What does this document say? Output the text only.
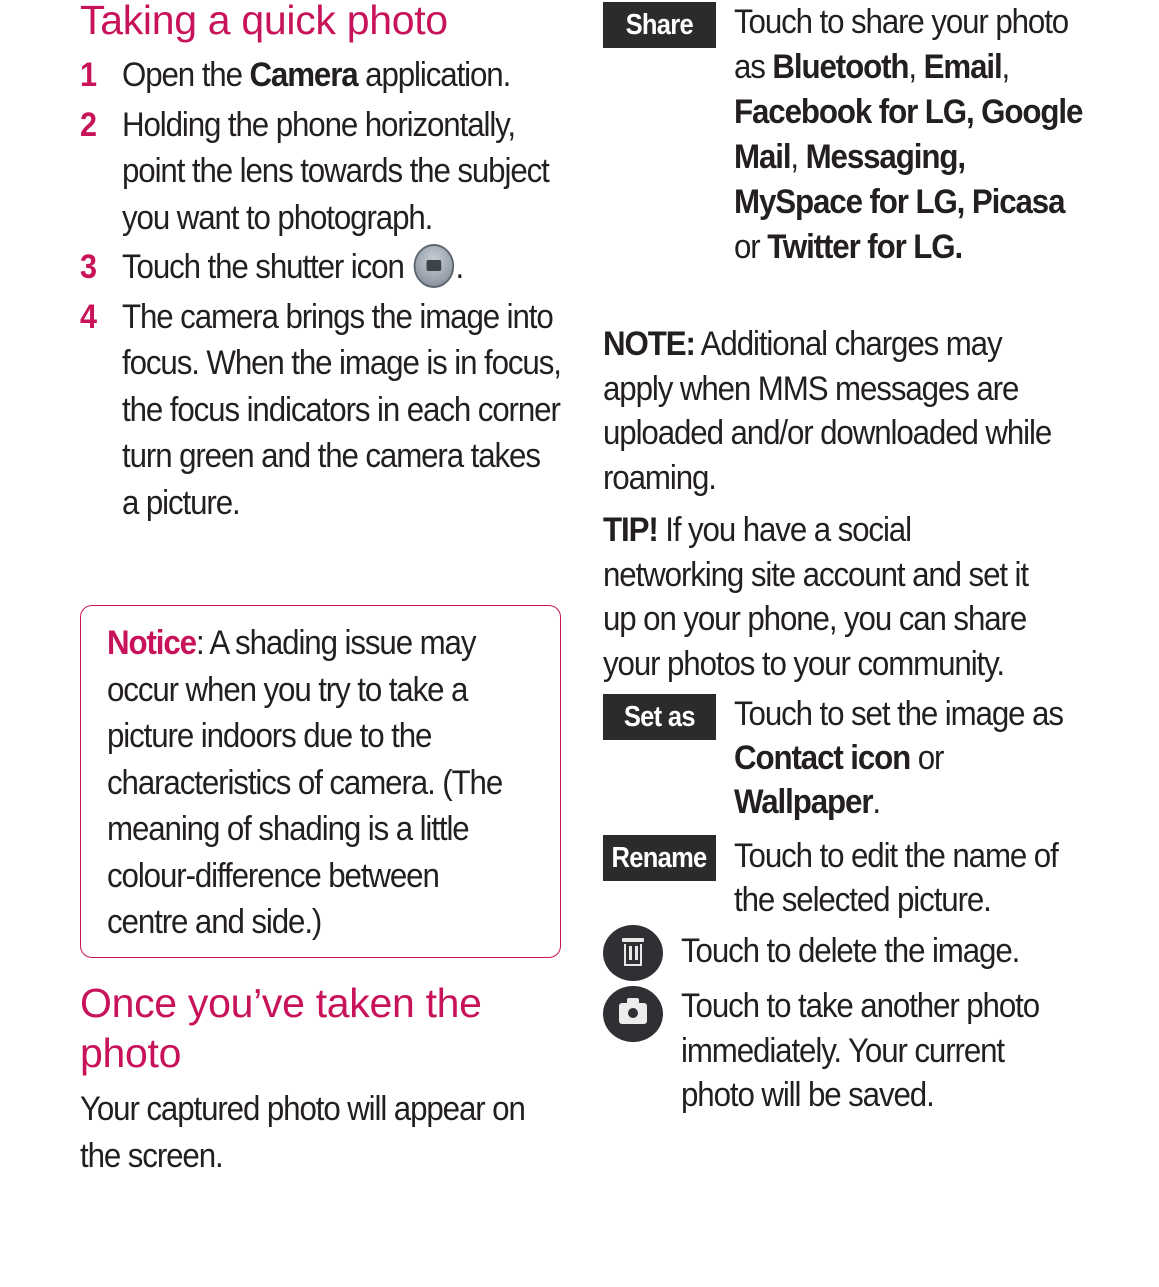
Taking a quick photo
1 Open the Camera application.
2 Holding the phone horizontally, point the lens towards the subject you want to photograph.
3 Touch the shutter icon .
4 The camera brings the image into focus. When the image is in focus, the focus indicators in each corner turn green and the camera takes a picture.
Notice: A shading issue may occur when you try to take a picture indoors due to the characteristics of camera. (The meaning of shading is a little colour-difference between centre and side.)
Once you’ve taken the photo
Your captured photo will appear on the screen.
Share	Touch to share your photo as Bluetooth, Email, Facebook for LG, Google Mail, Messaging, MySpace for LG, Picasa or Twitter for LG.
NOTE: Additional charges may apply when MMS messages are uploaded and/or downloaded while roaming.
TIP! If you have a social networking site account and set it up on your phone, you can share your photos to your community.
Set as	Touch to set the image as Contact icon or Wallpaper.
Rename Touch to edit the name of the selected picture.
Touch to delete the image.
Touch to take another photo immediately. Your current photo will be saved.
